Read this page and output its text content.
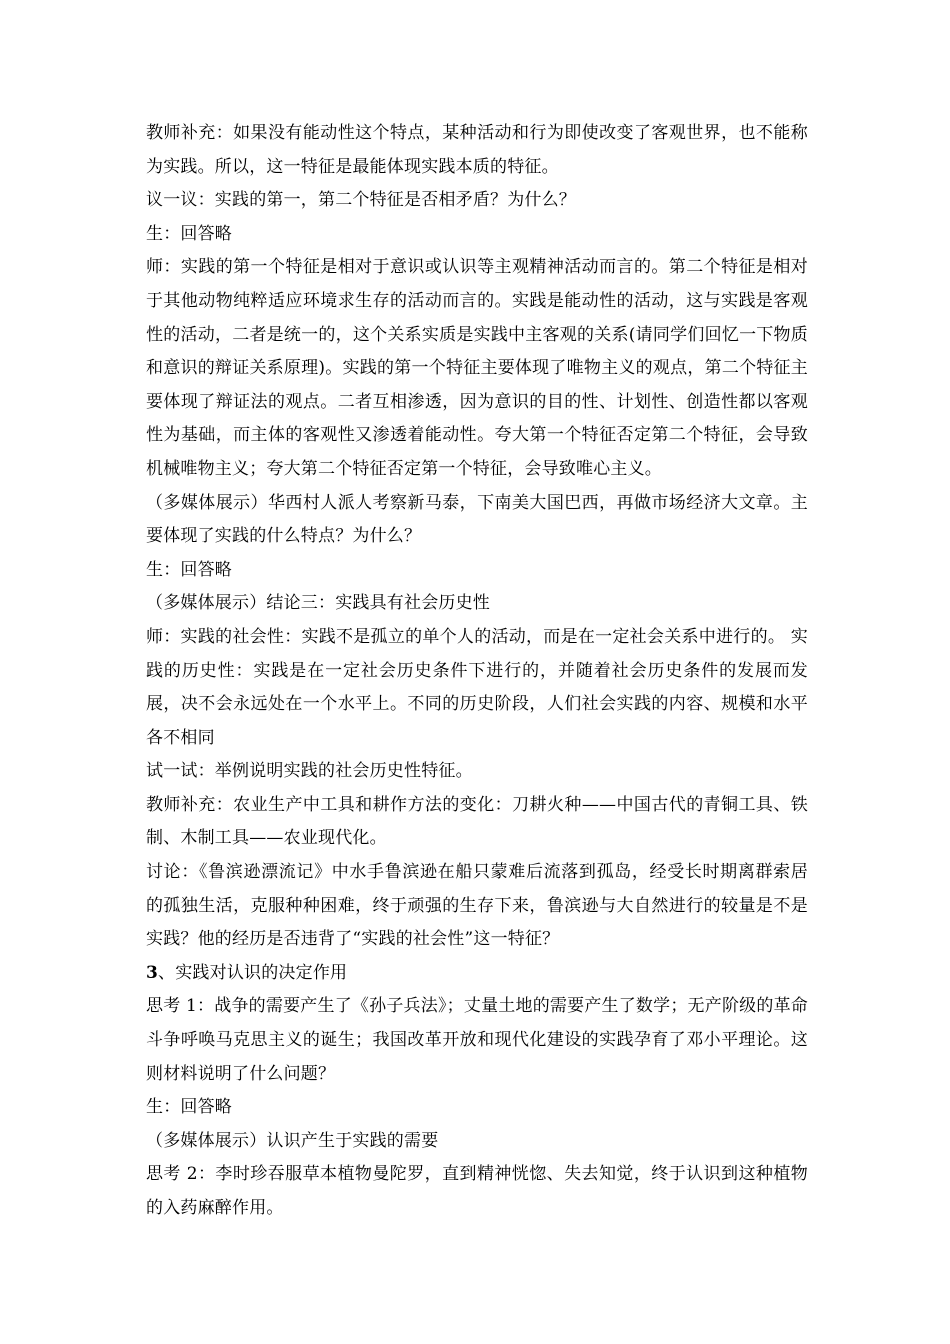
教师补充：如果没有能动性这个特点，某种活动和行为即使改变了客观世界，也不能称为实践。所以，这一特征是最能体现实践本质的特征。

议一议：实践的第一，第二个特征是否相矛盾？为什么？

生：回答略

师：实践的第一个特征是相对于意识或认识等主观精神活动而言的。第二个特征是相对于其他动物纯粹适应环境求生存的活动而言的。实践是能动性的活动，这与实践是客观性的活动，二者是统一的，这个关系实质是实践中主客观的关系(请同学们回忆一下物质和意识的辩证关系原理)。实践的第一个特征主要体现了唯物主义的观点，第二个特征主要体现了辩证法的观点。二者互相渗透，因为意识的目的性、计划性、创造性都以客观性为基础，而主体的客观性又渗透着能动性。夸大第一个特征否定第二个特征，会导致机械唯物主义；夸大第二个特征否定第一个特征，会导致唯心主义。

（多媒体展示）华西村人派人考察新马泰，下南美大国巴西，再做市场经济大文章。主要体现了实践的什么特点？为什么？

生：回答略

（多媒体展示）结论三：实践具有社会历史性

师：实践的社会性：实践不是孤立的单个人的活动，而是在一定社会关系中进行的。 实践的历史性：实践是在一定社会历史条件下进行的，并随着社会历史条件的发展而发展，决不会永远处在一个水平上。不同的历史阶段，人们社会实践的内容、规模和水平各不相同

试一试：举例说明实践的社会历史性特征。

教师补充：农业生产中工具和耕作方法的变化：刀耕火种——中国古代的青铜工具、铁制、木制工具——农业现代化。

讨论：《鲁滨逊漂流记》中水手鲁滨逊在船只蒙难后流落到孤岛，经受长时期离群索居的孤独生活，克服种种困难，终于顽强的生存下来，鲁滨逊与大自然进行的较量是不是实践？他的经历是否违背了“实践的社会性”这一特征？

3、实践对认识的决定作用

思考 1：战争的需要产生了《孙子兵法》；丈量土地的需要产生了数学；无产阶级的革命斗争呼唤马克思主义的诞生；我国改革开放和现代化建设的实践孕育了邓小平理论。这则材料说明了什么问题？

生：回答略

（多媒体展示）认识产生于实践的需要

思考 2：李时珍吞服草本植物曼陀罗，直到精神恍惚、失去知觉，终于认识到这种植物的入药麻醉作用。
